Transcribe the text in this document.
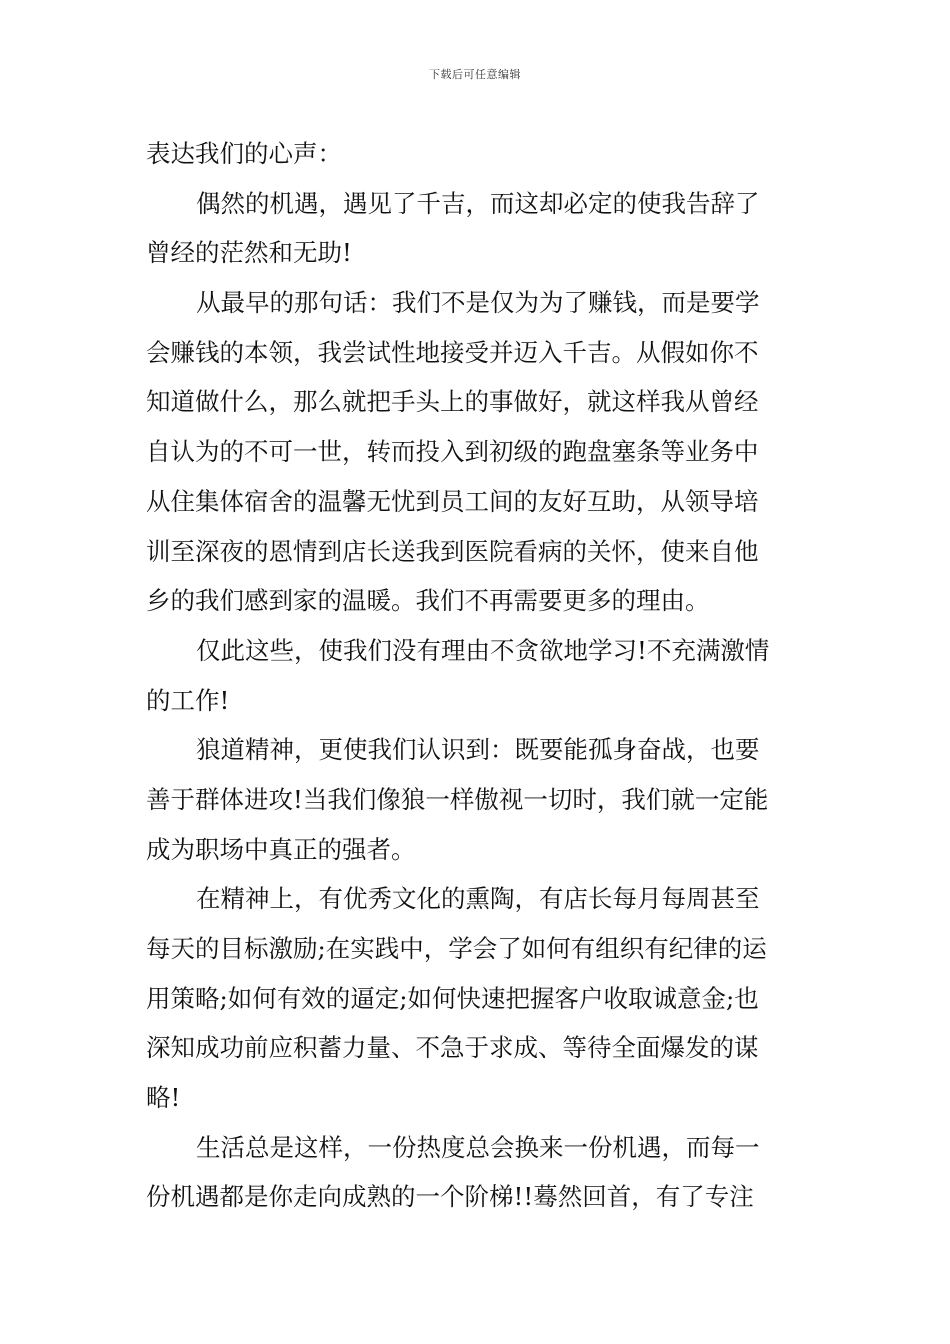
下载后可任意编辑
表达我们的心声：
偶然的机遇，遇见了千吉，而这却必定的使我告辞了
曾经的茫然和无助!
从最早的那句话：我们不是仅为为了赚钱，而是要学
会赚钱的本领，我尝试性地接受并迈入千吉。从假如你不
知道做什么，那么就把手头上的事做好，就这样我从曾经
自认为的不可一世，转而投入到初级的跑盘塞条等业务中
从住集体宿舍的温馨无忧到员工间的友好互助，从领导培
训至深夜的恩情到店长送我到医院看病的关怀，使来自他
乡的我们感到家的温暖。我们不再需要更多的理由。
仅此这些，使我们没有理由不贪欲地学习!不充满激情
的工作!
狼道精神，更使我们认识到：既要能孤身奋战，也要
善于群体进攻!当我们像狼一样傲视一切时，我们就一定能
成为职场中真正的强者。
在精神上，有优秀文化的熏陶，有店长每月每周甚至
每天的目标激励;在实践中，学会了如何有组织有纪律的运
用策略;如何有效的逼定;如何快速把握客户收取诚意金;也
深知成功前应积蓄力量、不急于求成、等待全面爆发的谋
略!
生活总是这样，一份热度总会换来一份机遇，而每一
份机遇都是你走向成熟的一个阶梯!!蓦然回首，有了专注
